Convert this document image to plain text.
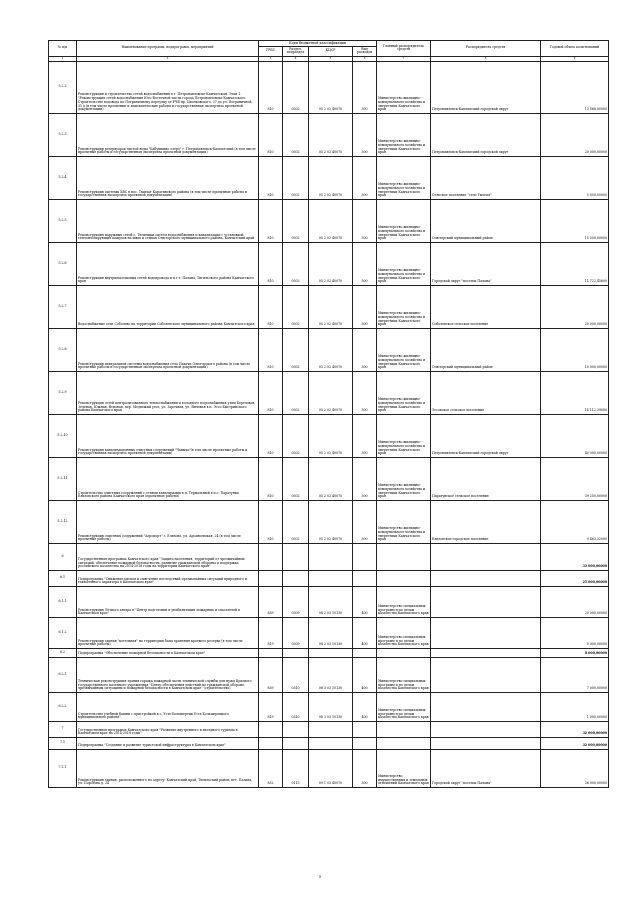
№ п/п	Наименование программ, подпрограмм, мероприятий	Коды бюджетной классификации				Главный распорядитель средств	Распорядитель средств	Годовой объем ассигнований
		ГРБС	Раздел, подраздел	КЦСР	Вид расходов			
1	2	3	4	5	6	7	8	9
5.2.2	Реконструкция и строительство сетей водоснабжения в г. Петропавловске-Камчатском. Этап 1. "Реконструкция сетей водоснабжения Юго-Восточной части города Петропавловска-Камчатского. Строительство водовода по Пограничному переулку от РЧВ пр. Циолковского, 37 до ул. Пограничной, 31 а (в том числе проектные и изыскательские работы и государственная экспертиза проектной документации)	810	0502	05 2 02 40070	500	Министерство жилищно-коммунального хозяйства и энергетики Камчатского края	Петропавловск-Камчатский городской округ	13 568,00000
5.2.3	Реконструкция резервуаров чистой воды "Бабушкино озеро" г. Петропавловск-Камчатский (в том числе проектные работы и государственная экспертиза проектной документации)	810	0502	05 2 02 40070	500	Министерство жилищно-коммунального хозяйства и энергетики Камчатского края	Петропавловск-Камчатский городской округ	20 000,00000
5.2.4	Реконструкция системы ХВС в пос. Тымлат Карагинского района (в том числе проектные работы и государственная экспертиза проектной документации)	810	0502	05 2 02 40070	500	Министерство жилищно-коммунального хозяйства и энергетики Камчатского края	Сельское поселение "село Тымлат"	5 000,00000
5.2.5	Реконструкция наружных сетей с. Тиличики систем водоснабжения и канализации с установкой теплоизолирующих кожухов на швах и стыках Олюторского муниципального района, Камчатский край	810	0502	05 2 02 40070	500	Министерство жилищно-коммунального хозяйства и энергетики Камчатского края	Олюторский муниципальный район	15 500,00000
5.2.6	Реконструкция внутрипоселковых сетей водопровода в п.г.т. Палана, Тигильского района Камчатского края	810	0502	05 2 02 40070	500	Министерство жилищно-коммунального хозяйства и энергетики Камчатского края	Городской округ "поселок Палана"	11 722,45600
5.2.7	Водоснабжение села Соболево на территории Соболевского муниципального района Камчатского края	810	0502	05 2 02 40070	500	Министерство жилищно-коммунального хозяйства и энергетики Камчатского края	Соболевское сельское поселение	20 000,00000
5.2.8	Реконструкция центральной системы водоснабжения села Пахачи Олюторского района (в том числе проектные работы и государственная экспертиза проектной документации)	810	0502	05 2 02 40070	500	Министерство жилищно-коммунального хозяйства и энергетики Камчатского края	Олюторский муниципальный район	10 000,00000
5.2.9	Реконструкция сетей централизованного теплоснабжения и холодного водоснабжения улиц Березовая, Зеленая, Южная, Ясновая, пер. Медвежий угол, ул. Заречная, ул. Янчевая в п. Эссо Быстринского района Камчатского края	810	0502	05 2 02 40070	500	Министерство жилищно-коммунального хозяйства и энергетики Камчатского края	Эссовское сельское поселение	14 112,39000
5.2.10	Реконструкция канализационных очистных сооружений "Чавыча"(в том числе проектные работы и государственная экспертиза проектной документации)	810	0502	05 2 02 40070	500	Министерство жилищно-коммунального хозяйства и энергетики Камчатского края	Петропавловск-Камчатский городской округ	40 000,00000
5.2.11	Строительство очистных сооружений с сетями канализации в п. Термальный в п.с. Паратунка Елизовского района Камчатского края (проектные работы)	810	0502	05 2 02 40070	500	Министерство жилищно-коммунального хозяйства и энергетики Камчатского края	Паратунское сельское поселение	39 250,00000
5.2.12	Реконструкция очистных сооружений "Аэропорт" г. Елизово, ул. Арсаньевская, 24 (в том числе проектные работы)	810	0502	05 2 02 40070	500	Министерство жилищно-коммунального хозяйства и энергетики Камчатского края	Елизовское городское поселение	9 463,32000
6	Государственная программа Камчатского края "Защита населения, территорий от чрезвычайных ситуаций, обеспечение пожарной безопасности, развитие гражданской обороны и поддержка российского казачества на 2014-2018 годы на территории Камчатского края"							33 000,00000
6.1	Подпрограмма "Снижение рисков и смягчение последствий чрезвычайных ситуаций природного и техногенного характера в Камчатском крае"							25 000,00000
6.1.1	Реконструкция Лётного ангара в "Центр подготовки и реабилитации пожарных и спасателей в Камчатском крае"	839	0309	08 2 03 10130	400	Министерство специальных программ и по делам казачества Камчатского края		20 000,00000
6.1.2	Реконструкция здания "котельная" на территории базы хранения краевого резерва (в том числе проектные работы)	819	0309	08 2 03 10130	400	Министерство специальных программ и по делам казачества Камчатского края		5 000,00000
6.2	Подпрограмма "Обеспечение пожарной безопасности в Камчатском крае"							8 000,00000
6.2.1	Техническая реконструкция здания гаража пожарной части технической службы для нужд Краевого государственного казенного учреждения "Центр обеспечения действий по гражданской обороне, чрезвычайным ситуациям и пожарной безопасности в Камчатском крае" (строительство)	839	0310	08 3 03 10130	400	Министерство специальных программ и по делам казачества Камчатского края		7 000,00000
6.2.2	Строительство учебной башни с пристройкой в с. Усть-Большерецк Усть-Большерецкого муниципального района"	819	0310	08 3 03 10130	400	Министерство специальных программ и по делам казачества Камчатского края		1 000,00000
7	Государственная программа Камчатского края "Развитие внутреннего и въездного туризма в Камчатском крае на 2014-2018 годы"							32 000,00000
7.1	Подпрограмма "Создание и развитие туристской инфраструктуры в Камчатском крае"							32 000,00000
7.1.1	Реконструкция здания, расположенного по адресу: Камчатский край, Тигильский район, пгт. Палана, ул. Поротова д. 24	832	0113	09 1 03 40070	500	Министерство имущественных и земельных отношений Камчатского края	Городской округ "поселок Палана"	26 000,00000
5
